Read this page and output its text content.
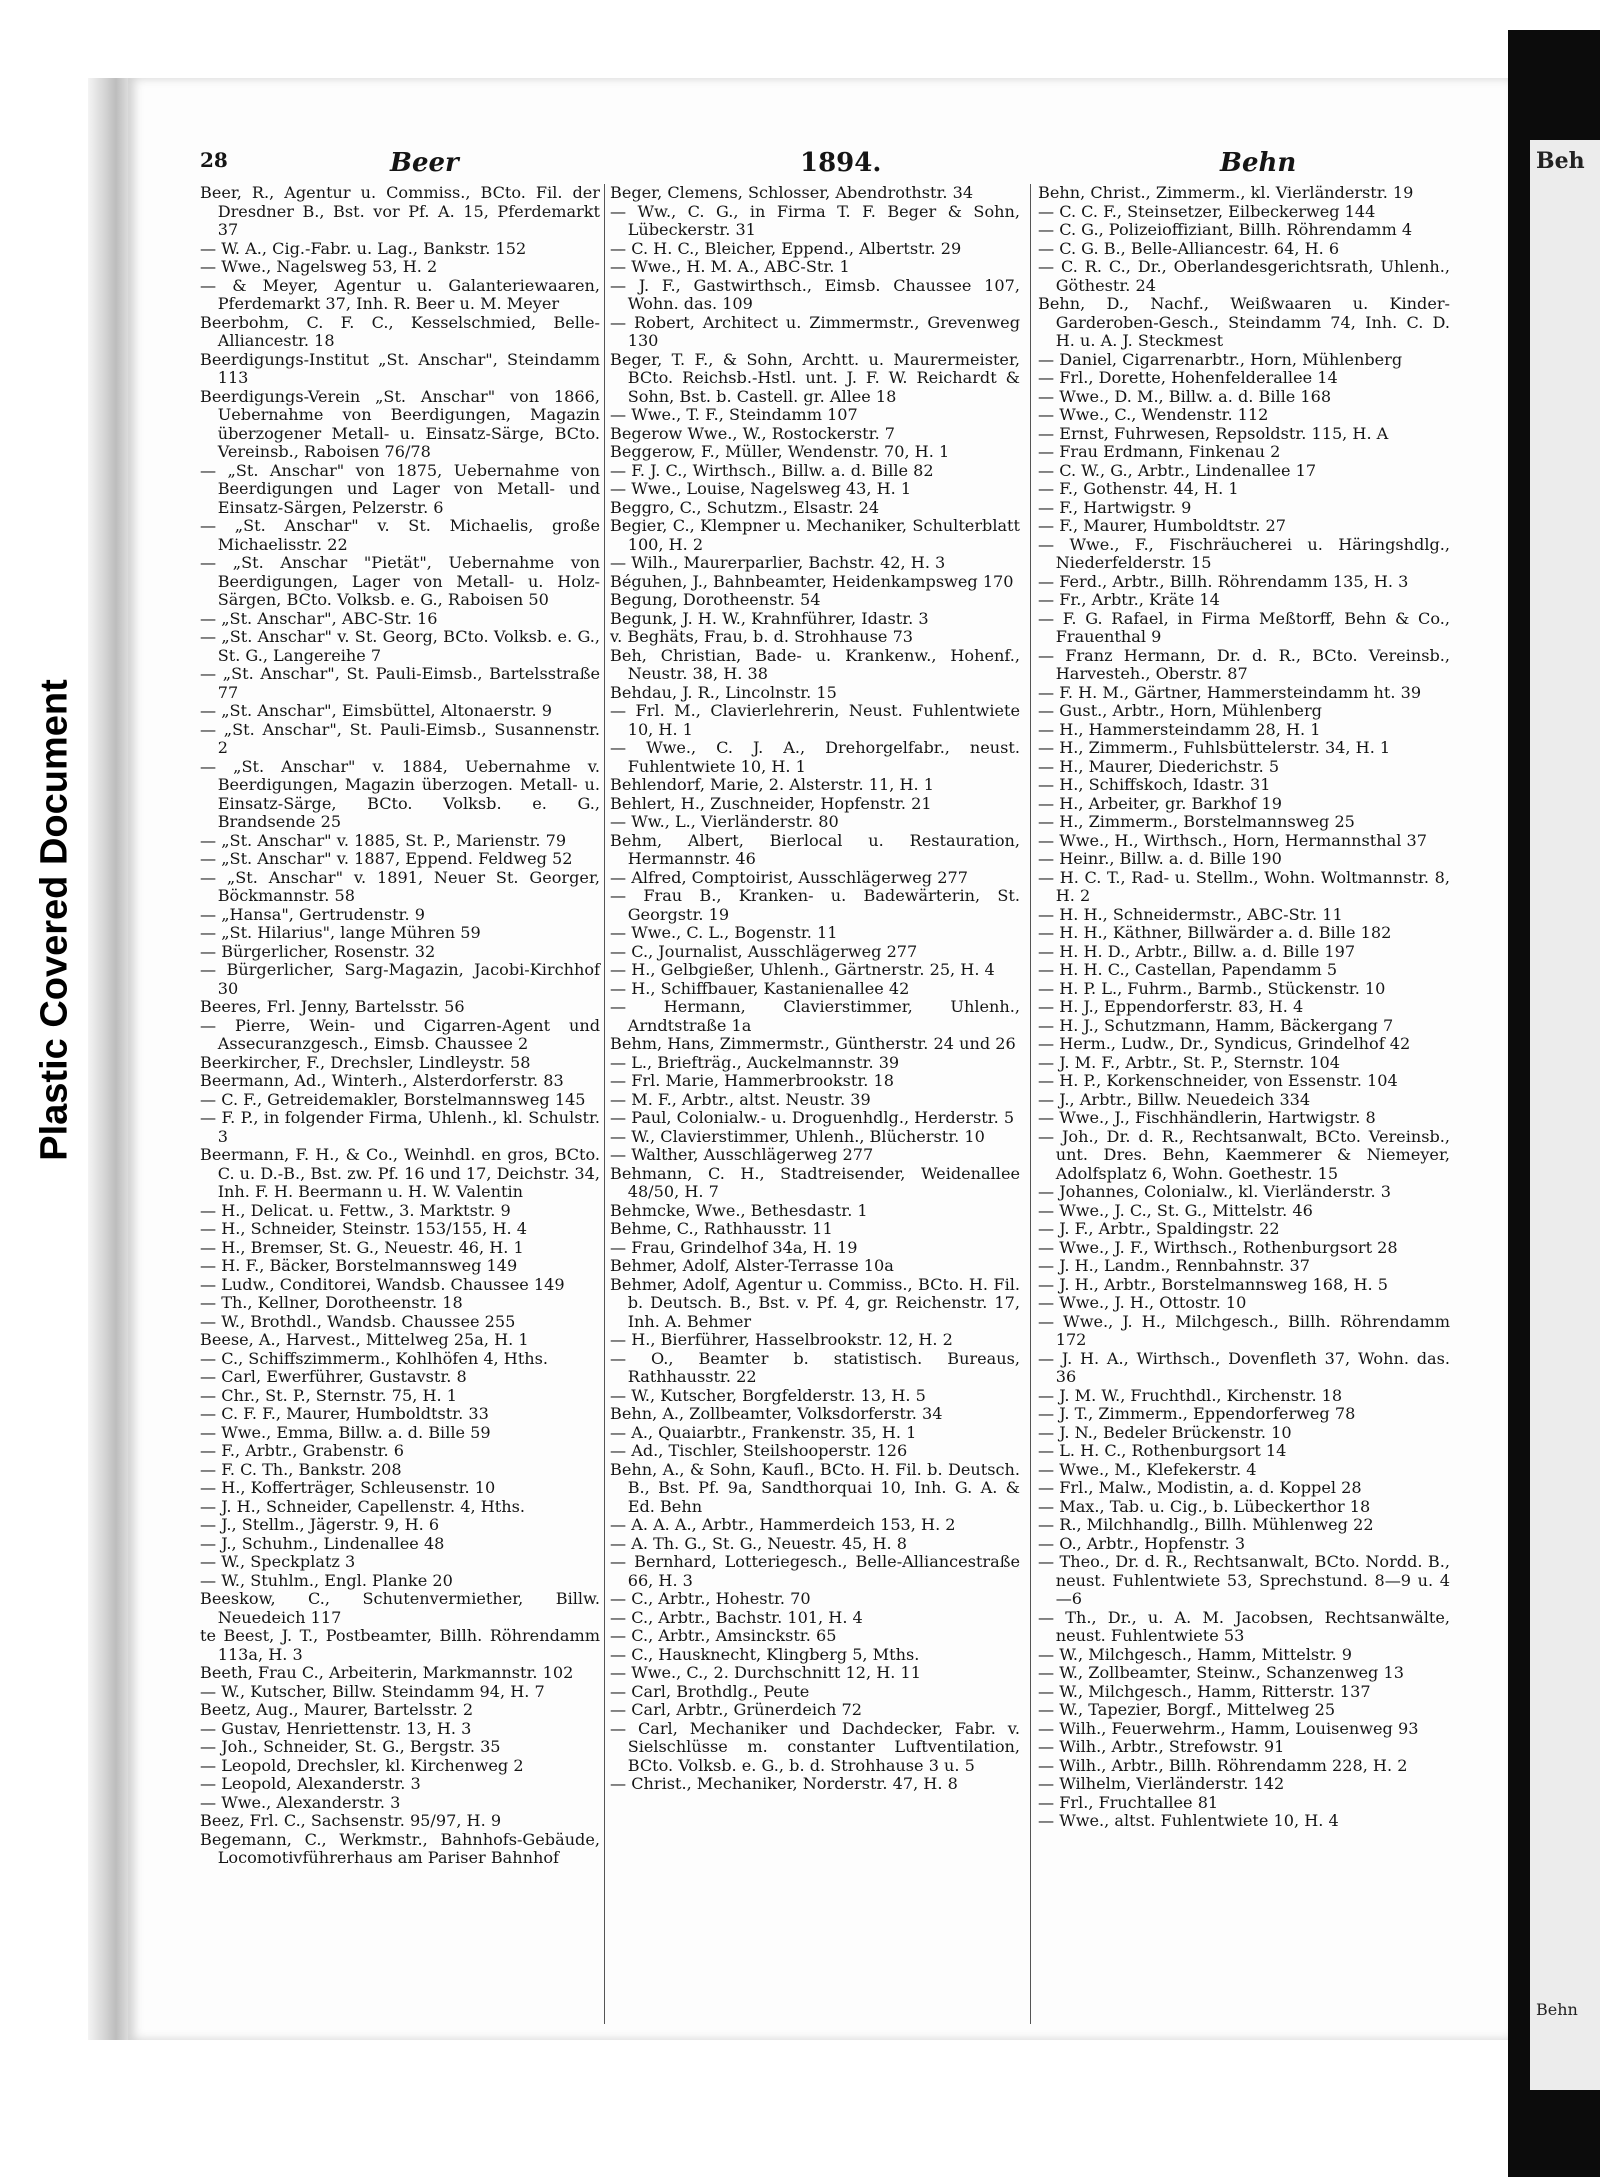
Plastic Covered Document
Beh
Behn
28	Beer	1894.	Behn
Beer, R., Agentur u. Commiss., BCto. Fil. der Dresdner B., Bst. vor Pf. A. 15, Pferdemarkt 37
— W. A., Cig.-Fabr. u. Lag., Bankstr. 152
— Wwe., Nagelsweg 53, H. 2
— & Meyer, Agentur u. Galanteriewaaren, Pferdemarkt 37, Inh. R. Beer u. M. Meyer
Beerbohm, C. F. C., Kesselschmied, Belle-Alliancestr. 18
Beerdigungs-Institut „St. Anschar", Steindamm 113
Beerdigungs-Verein „St. Anschar" von 1866, Uebernahme von Beerdigungen, Magazin überzogener Metall- u. Einsatz-Särge, BCto. Vereinsb., Raboisen 76/78
— „St. Anschar" von 1875, Uebernahme von Beerdigungen und Lager von Metall- und Einsatz-Särgen, Pelzerstr. 6
— „St. Anschar" v. St. Michaelis, große Michaelisstr. 22
— „St. Anschar "Pietät", Uebernahme von Beerdigungen, Lager von Metall- u. Holz-Särgen, BCto. Volksb. e. G., Raboisen 50
— „St. Anschar", ABC-Str. 16
— „St. Anschar" v. St. Georg, BCto. Volksb. e. G., St. G., Langereihe 7
— „St. Anschar", St. Pauli-Eimsb., Bartelsstraße 77
— „St. Anschar", Eimsbüttel, Altonaerstr. 9
— „St. Anschar", St. Pauli-Eimsb., Susannenstr. 2
— „St. Anschar" v. 1884, Uebernahme v. Beerdigungen, Magazin überzogen. Metall- u. Einsatz-Särge, BCto. Volksb. e. G., Brandsende 25
— „St. Anschar" v. 1885, St. P., Marienstr. 79
— „St. Anschar" v. 1887, Eppend. Feldweg 52
— „St. Anschar" v. 1891, Neuer St. Georger, Böckmannstr. 58
— „Hansa", Gertrudenstr. 9
— „St. Hilarius", lange Mühren 59
— Bürgerlicher, Rosenstr. 32
— Bürgerlicher, Sarg-Magazin, Jacobi-Kirchhof 30
Beeres, Frl. Jenny, Bartelsstr. 56
— Pierre, Wein- und Cigarren-Agent und Assecuranzgesch., Eimsb. Chaussee 2
Beerkircher, F., Drechsler, Lindleystr. 58
Beermann, Ad., Winterh., Alsterdorferstr. 83
— C. F., Getreidemakler, Borstelmannsweg 145
— F. P., in folgender Firma, Uhlenh., kl. Schulstr. 3
Beermann, F. H., & Co., Weinhdl. en gros, BCto. C. u. D.-B., Bst. zw. Pf. 16 und 17, Deichstr. 34, Inh. F. H. Beermann u. H. W. Valentin
— H., Delicat. u. Fettw., 3. Marktstr. 9
— H., Schneider, Steinstr. 153/155, H. 4
— H., Bremser, St. G., Neuestr. 46, H. 1
— H. F., Bäcker, Borstelmannsweg 149
— Ludw., Conditorei, Wandsb. Chaussee 149
— Th., Kellner, Dorotheenstr. 18
— W., Brothdl., Wandsb. Chaussee 255
Beese, A., Harvest., Mittelweg 25a, H. 1
— C., Schiffszimmerm., Kohlhöfen 4, Hths.
— Carl, Ewerführer, Gustavstr. 8
— Chr., St. P., Sternstr. 75, H. 1
— C. F. F., Maurer, Humboldtstr. 33
— Wwe., Emma, Billw. a. d. Bille 59
— F., Arbtr., Grabenstr. 6
— F. C. Th., Bankstr. 208
— H., Kofferträger, Schleusenstr. 10
— J. H., Schneider, Capellenstr. 4, Hths.
— J., Stellm., Jägerstr. 9, H. 6
— J., Schuhm., Lindenallee 48
— W., Speckplatz 3
— W., Stuhlm., Engl. Planke 20
Beeskow, C., Schutenvermiether, Billw. Neuedeich 117
te Beest, J. T., Postbeamter, Billh. Röhrendamm 113a, H. 3
Beeth, Frau C., Arbeiterin, Markmannstr. 102
— W., Kutscher, Billw. Steindamm 94, H. 7
Beetz, Aug., Maurer, Bartelsstr. 2
— Gustav, Henriettenstr. 13, H. 3
— Joh., Schneider, St. G., Bergstr. 35
— Leopold, Drechsler, kl. Kirchenweg 2
— Leopold, Alexanderstr. 3
— Wwe., Alexanderstr. 3
Beez, Frl. C., Sachsenstr. 95/97, H. 9
Begemann, C., Werkmstr., Bahnhofs-Gebäude, Locomotivführerhaus am Pariser Bahnhof
Beger, Clemens, Schlosser, Abendrothstr. 34
— Ww., C. G., in Firma T. F. Beger & Sohn, Lübeckerstr. 31
— C. H. C., Bleicher, Eppend., Albertstr. 29
— Wwe., H. M. A., ABC-Str. 1
— J. F., Gastwirthsch., Eimsb. Chaussee 107, Wohn. das. 109
— Robert, Architect u. Zimmermstr., Grevenweg 130
Beger, T. F., & Sohn, Archtt. u. Maurermeister, BCto. Reichsb.-Hstl. unt. J. F. W. Reichardt & Sohn, Bst. b. Castell. gr. Allee 18
— Wwe., T. F., Steindamm 107
Begerow Wwe., W., Rostockerstr. 7
Beggerow, F., Müller, Wendenstr. 70, H. 1
— F. J. C., Wirthsch., Billw. a. d. Bille 82
— Wwe., Louise, Nagelsweg 43, H. 1
Beggro, C., Schutzm., Elsastr. 24
Begier, C., Klempner u. Mechaniker, Schulterblatt 100, H. 2
— Wilh., Maurerparlier, Bachstr. 42, H. 3
Béguhen, J., Bahnbeamter, Heidenkampsweg 170
Begung, Dorotheenstr. 54
Begunk, J. H. W., Krahnführer, Idastr. 3
v. Beghäts, Frau, b. d. Strohhause 73
Beh, Christian, Bade- u. Krankenw., Hohenf., Neustr. 38, H. 38
Behdau, J. R., Lincolnstr. 15
— Frl. M., Clavierlehrerin, Neust. Fuhlentwiete 10, H. 1
— Wwe., C. J. A., Drehorgelfabr., neust. Fuhlentwiete 10, H. 1
Behlendorf, Marie, 2. Alsterstr. 11, H. 1
Behlert, H., Zuschneider, Hopfenstr. 21
— Ww., L., Vierländerstr. 80
Behm, Albert, Bierlocal u. Restauration, Hermannstr. 46
— Alfred, Comptoirist, Ausschlägerweg 277
— Frau B., Kranken- u. Badewärterin, St. Georgstr. 19
— Wwe., C. L., Bogenstr. 11
— C., Journalist, Ausschlägerweg 277
— H., Gelbgießer, Uhlenh., Gärtnerstr. 25, H. 4
— H., Schiffbauer, Kastanienallee 42
— Hermann, Clavierstimmer, Uhlenh., Arndtstraße 1a
Behm, Hans, Zimmermstr., Güntherstr. 24 und 26
— L., Briefträg., Auckelmannstr. 39
— Frl. Marie, Hammerbrookstr. 18
— M. F., Arbtr., altst. Neustr. 39
— Paul, Colonialw.- u. Droguenhdlg., Herderstr. 5
— W., Clavierstimmer, Uhlenh., Blücherstr. 10
— Walther, Ausschlägerweg 277
Behmann, C. H., Stadtreisender, Weidenallee 48/50, H. 7
Behmcke, Wwe., Bethesdastr. 1
Behme, C., Rathhausstr. 11
— Frau, Grindelhof 34a, H. 19
Behmer, Adolf, Alster-Terrasse 10a
Behmer, Adolf, Agentur u. Commiss., BCto. H. Fil. b. Deutsch. B., Bst. v. Pf. 4, gr. Reichenstr. 17, Inh. A. Behmer
— H., Bierführer, Hasselbrookstr. 12, H. 2
— O., Beamter b. statistisch. Bureaus, Rathhausstr. 22
— W., Kutscher, Borgfelderstr. 13, H. 5
Behn, A., Zollbeamter, Volksdorferstr. 34
— A., Quaiarbtr., Frankenstr. 35, H. 1
— Ad., Tischler, Steilshooperstr. 126
Behn, A., & Sohn, Kaufl., BCto. H. Fil. b. Deutsch. B., Bst. Pf. 9a, Sandthorquai 10, Inh. G. A. & Ed. Behn
— A. A. A., Arbtr., Hammerdeich 153, H. 2
— A. Th. G., St. G., Neuestr. 45, H. 8
— Bernhard, Lotteriegesch., Belle-Alliancestraße 66, H. 3
— C., Arbtr., Hohestr. 70
— C., Arbtr., Bachstr. 101, H. 4
— C., Arbtr., Amsinckstr. 65
— C., Hausknecht, Klingberg 5, Mths.
— Wwe., C., 2. Durchschnitt 12, H. 11
— Carl, Brothdlg., Peute
— Carl, Arbtr., Grünerdeich 72
— Carl, Mechaniker und Dachdecker, Fabr. v. Sielschlüsse m. constanter Luftventilation, BCto. Volksb. e. G., b. d. Strohhause 3 u. 5
— Christ., Mechaniker, Norderstr. 47, H. 8
Behn, Christ., Zimmerm., kl. Vierländerstr. 19
— C. C. F., Steinsetzer, Eilbeckerweg 144
— C. G., Polizeioffiziant, Billh. Röhrendamm 4
— C. G. B., Belle-Alliancestr. 64, H. 6
— C. R. C., Dr., Oberlandesgerichtsrath, Uhlenh., Göthestr. 24
Behn, D., Nachf., Weißwaaren u. Kinder-Garderoben-Gesch., Steindamm 74, Inh. C. D. H. u. A. J. Steckmest
— Daniel, Cigarrenarbtr., Horn, Mühlenberg
— Frl., Dorette, Hohenfelderallee 14
— Wwe., D. M., Billw. a. d. Bille 168
— Wwe., C., Wendenstr. 112
— Ernst, Fuhrwesen, Repsoldstr. 115, H. A
— Frau Erdmann, Finkenau 2
— C. W., G., Arbtr., Lindenallee 17
— F., Gothenstr. 44, H. 1
— F., Hartwigstr. 9
— F., Maurer, Humboldtstr. 27
— Wwe., F., Fischräucherei u. Häringshdlg., Niederfelderstr. 15
— Ferd., Arbtr., Billh. Röhrendamm 135, H. 3
— Fr., Arbtr., Kräte 14
— F. G. Rafael, in Firma Meßtorff, Behn & Co., Frauenthal 9
— Franz Hermann, Dr. d. R., BCto. Vereinsb., Harvesteh., Oberstr. 87
— F. H. M., Gärtner, Hammersteindamm ht. 39
— Gust., Arbtr., Horn, Mühlenberg
— H., Hammersteindamm 28, H. 1
— H., Zimmerm., Fuhlsbüttelerstr. 34, H. 1
— H., Maurer, Diederichstr. 5
— H., Schiffskoch, Idastr. 31
— H., Arbeiter, gr. Barkhof 19
— H., Zimmerm., Borstelmannsweg 25
— Wwe., H., Wirthsch., Horn, Hermannsthal 37
— Heinr., Billw. a. d. Bille 190
— H. C. T., Rad- u. Stellm., Wohn. Woltmannstr. 8, H. 2
— H. H., Schneidermstr., ABC-Str. 11
— H. H., Käthner, Billwärder a. d. Bille 182
— H. H. D., Arbtr., Billw. a. d. Bille 197
— H. H. C., Castellan, Papendamm 5
— H. P. L., Fuhrm., Barmb., Stückenstr. 10
— H. J., Eppendorferstr. 83, H. 4
— H. J., Schutzmann, Hamm, Bäckergang 7
— Herm., Ludw., Dr., Syndicus, Grindelhof 42
— J. M. F., Arbtr., St. P., Sternstr. 104
— H. P., Korkenschneider, von Essenstr. 104
— J., Arbtr., Billw. Neuedeich 334
— Wwe., J., Fischhändlerin, Hartwigstr. 8
— Joh., Dr. d. R., Rechtsanwalt, BCto. Vereinsb., unt. Dres. Behn, Kaemmerer & Niemeyer, Adolfsplatz 6, Wohn. Goethestr. 15
— Johannes, Colonialw., kl. Vierländerstr. 3
— Wwe., J. C., St. G., Mittelstr. 46
— J. F., Arbtr., Spaldingstr. 22
— Wwe., J. F., Wirthsch., Rothenburgsort 28
— J. H., Landm., Rennbahnstr. 37
— J. H., Arbtr., Borstelmannsweg 168, H. 5
— Wwe., J. H., Ottostr. 10
— Wwe., J. H., Milchgesch., Billh. Röhrendamm 172
— J. H. A., Wirthsch., Dovenfleth 37, Wohn. das. 36
— J. M. W., Fruchthdl., Kirchenstr. 18
— J. T., Zimmerm., Eppendorferweg 78
— J. N., Bedeler Brückenstr. 10
— L. H. C., Rothenburgsort 14
— Wwe., M., Klefekerstr. 4
— Frl., Malw., Modistin, a. d. Koppel 28
— Max., Tab. u. Cig., b. Lübeckerthor 18
— R., Milchhandlg., Billh. Mühlenweg 22
— O., Arbtr., Hopfenstr. 3
— Theo., Dr. d. R., Rechtsanwalt, BCto. Nordd. B., neust. Fuhlentwiete 53, Sprechstund. 8—9 u. 4—6
— Th., Dr., u. A. M. Jacobsen, Rechtsanwälte, neust. Fuhlentwiete 53
— W., Milchgesch., Hamm, Mittelstr. 9
— W., Zollbeamter, Steinw., Schanzenweg 13
— W., Milchgesch., Hamm, Ritterstr. 137
— W., Tapezier, Borgf., Mittelweg 25
— Wilh., Feuerwehrm., Hamm, Louisenweg 93
— Wilh., Arbtr., Strefowstr. 91
— Wilh., Arbtr., Billh. Röhrendamm 228, H. 2
— Wilhelm, Vierländerstr. 142
— Frl., Fruchtallee 81
— Wwe., altst. Fuhlentwiete 10, H. 4
